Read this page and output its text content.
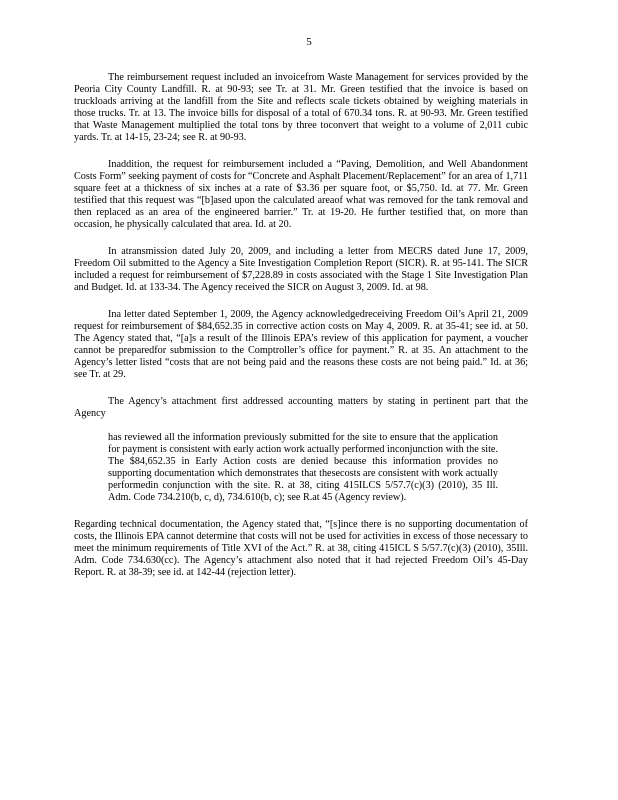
5

The reimbursement request included an invoicefrom Waste Management for services provided by the Peoria City County Landfill. R. at 90-93; see Tr. at 31. Mr. Green testified that the invoice is based on truckloads arriving at the landfill from the Site and reflects scale tickets obtained by weighing materials in those trucks. Tr. at 13. The invoice bills for disposal of a total of 670.34 tons. R. at 90-93. Mr. Green testified that Waste Management multiplied the total tons by three toconvert that weight to a volume of 2,011 cubic yards. Tr. at 14-15, 23-24; see R. at 90-93.

Inaddition, the request for reimbursement included a “Paving, Demolition, and Well Abandonment Costs Form” seeking payment of costs for “Concrete and Asphalt Placement/Replacement” for an area of 1,711 square feet at a thickness of six inches at a rate of $3.36 per square foot, or $5,750. Id. at 77. Mr. Green testified that this request was “[b]ased upon the calculated areaof what was removed for the tank removal and then replaced as an area of the engineered barrier.” Tr. at 19-20. He further testified that, on more than occasion, he physically calculated that area. Id. at 20.

In atransmission dated July 20, 2009, and including a letter from MECRS dated June 17, 2009, Freedom Oil submitted to the Agency a Site Investigation Completion Report (SICR). R. at 95-141. The SICR included a request for reimbursement of $7,228.89 in costs associated with the Stage 1 Site Investigation Plan and Budget. Id. at 133-34. The Agency received the SICR on August 3, 2009. Id. at 98.

Ina letter dated September 1, 2009, the Agency acknowledgedreceiving Freedom Oil’s April 21, 2009 request for reimbursement of $84,652.35 in corrective action costs on May 4, 2009. R. at 35-41; see id. at 50. The Agency stated that, “[a]s a result of the Illinois EPA’s review of this application for payment, a voucher cannot be preparedfor submission to the Comptroller’s office for payment.” R. at 35. An attachment to the Agency’s letter listed “costs that are not being paid and the reasons these costs are not being paid.” Id. at 36; see Tr. at 29.

The Agency’s attachment first addressed accounting matters by stating in pertinent part that the Agency

has reviewed all the information previously submitted for the site to ensure that the application for payment is consistent with early action work actually performed inconjunction with the site. The $84,652.35 in Early Action costs are denied because this information provides no supporting documentation which demonstrates that thesecosts are consistent with work actually performedin conjunction with the site. R. at 38, citing 415ILCS 5/57.7(c)(3) (2010), 35 Ill. Adm. Code 734.210(b, c, d), 734.610(b, c); see R.at 45 (Agency review).

Regarding technical documentation, the Agency stated that, “[s]ince there is no supporting documentation of costs, the Illinois EPA cannot determine that costs will not be used for activities in excess of those necessary to meet the minimum requirements of Title XVI of the Act.” R. at 38, citing 415ICL S 5/57.7(c)(3) (2010), 35Ill. Adm. Code 734.630(cc). The Agency’s attachment also noted that it had rejected Freedom Oil’s 45-Day Report. R. at 38-39; see id. at 142-44 (rejection letter).
